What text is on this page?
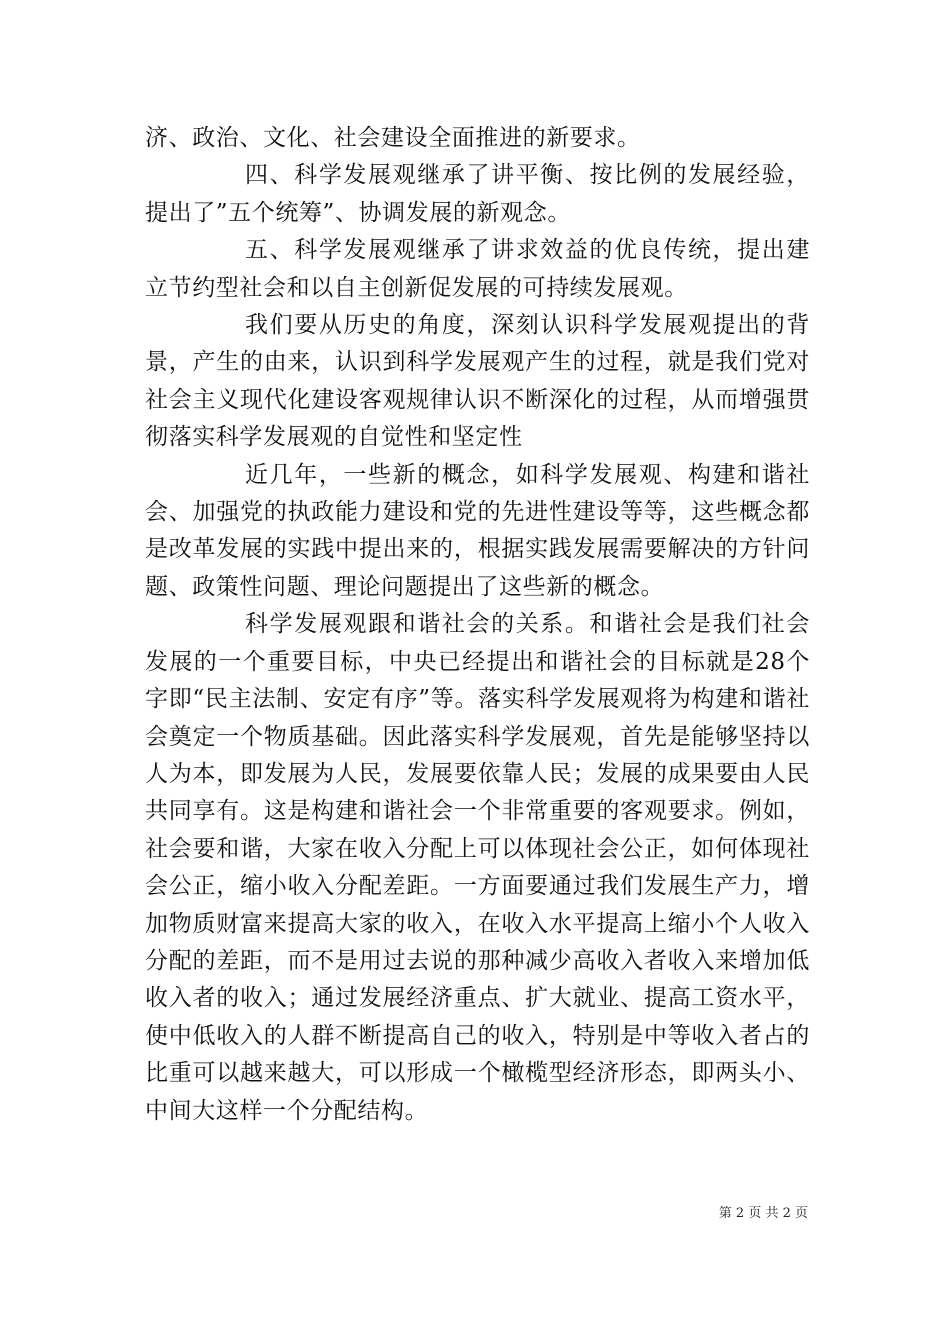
济、政治、文化、社会建设全面推进的新要求。

四、科学发展观继承了讲平衡、按比例的发展经验，提出了”五个统筹”、协调发展的新观念。

五、科学发展观继承了讲求效益的优良传统，提出建立节约型社会和以自主创新促发展的可持续发展观。

我们要从历史的角度，深刻认识科学发展观提出的背景，产生的由来，认识到科学发展观产生的过程，就是我们党对社会主义现代化建设客观规律认识不断深化的过程，从而增强贯彻落实科学发展观的自觉性和坚定性

近几年，一些新的概念，如科学发展观、构建和谐社会、加强党的执政能力建设和党的先进性建设等等，这些概念都是改革发展的实践中提出来的，根据实践发展需要解决的方针问题、政策性问题、理论问题提出了这些新的概念。

科学发展观跟和谐社会的关系。和谐社会是我们社会发展的一个重要目标，中央已经提出和谐社会的目标就是28个字即“民主法制、安定有序”等。落实科学发展观将为构建和谐社会奠定一个物质基础。因此落实科学发展观，首先是能够坚持以人为本，即发展为人民，发展要依靠人民；发展的成果要由人民共同享有。这是构建和谐社会一个非常重要的客观要求。例如，社会要和谐，大家在收入分配上可以体现社会公正，如何体现社会公正，缩小收入分配差距。一方面要通过我们发展生产力，增加物质财富来提高大家的收入，在收入水平提高上缩小个人收入分配的差距，而不是用过去说的那种减少高收入者收入来增加低收入者的收入；通过发展经济重点、扩大就业、提高工资水平，使中低收入的人群不断提高自己的收入，特别是中等收入者占的比重可以越来越大，可以形成一个橄榄型经济形态，即两头小、中间大这样一个分配结构。

第 2 页 共 2 页
